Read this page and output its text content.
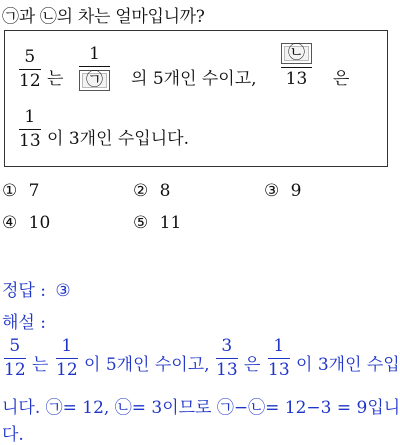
㉠과 ㉡의 차는 얼마입니까?
5
12 는
1
㉠	의 5개인 수이고,
㉡
13 은
1
13 이 3개인 수입니다.
① 7	② 8	③ 9
④ 10	⑤ 11
정답 : ③
해설 :
5
12 는
1
12 이 5개인 수이고,
3
13 은
1
13 이 3개인 수입
니다. ㉠= 12, ㉡= 3이므로 ㉠−㉡= 12−3 = 9입니
다.
